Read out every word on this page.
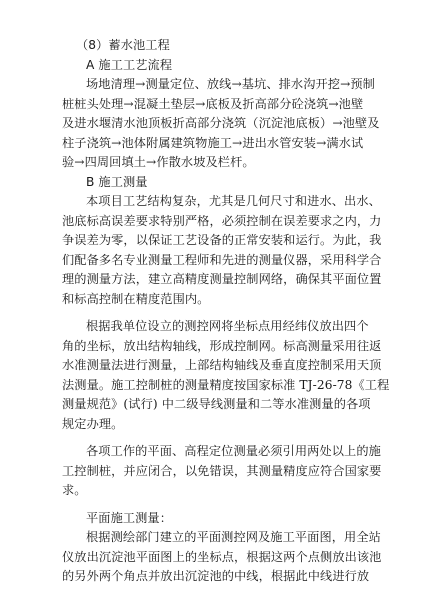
（8）蓄水池工程
A 施工工艺流程
场地清理→测量定位、放线→基坑、排水沟开挖→预制
桩桩头处理→混凝土垫层→底板及折高部分砼浇筑→池壁
及进水堰清水池顶板折高部分浇筑（沉淀池底板）→池壁及
柱子浇筑→池体附属建筑物施工→进出水管安装→满水试
验→四周回填土→作散水坡及栏杆。
B 施工测量
本项目工艺结构复杂，尤其是几何尺寸和进水、出水、
池底标高误差要求特别严格，必须控制在误差要求之内，力
争误差为零，以保证工艺设备的正常安装和运行。为此，我
们配备多名专业测量工程师和先进的测量仪器，采用科学合
理的测量方法，建立高精度测量控制网络，确保其平面位置
和标高控制在精度范围内。
根据我单位设立的测控网将坐标点用经纬仪放出四个
角的坐标，放出结构轴线，形成控制网。标高测量采用往返
水准测量法进行测量，上部结构轴线及垂直度控制采用天顶
法测量。施工控制桩的测量精度按国家标准 TJ-26-78《工程
测量规范》(试行) 中二级导线测量和二等水准测量的各项
规定办理。
各项工作的平面、高程定位测量必须引用两处以上的施
工控制桩，并应闭合，以免错误，其测量精度应符合国家要
求。
平面施工测量：
根据测绘部门建立的平面测控网及施工平面图，用全站
仪放出沉淀池平面图上的坐标点，根据这两个点侧放出该池
的另外两个角点并放出沉淀池的中线，根据此中线进行放
